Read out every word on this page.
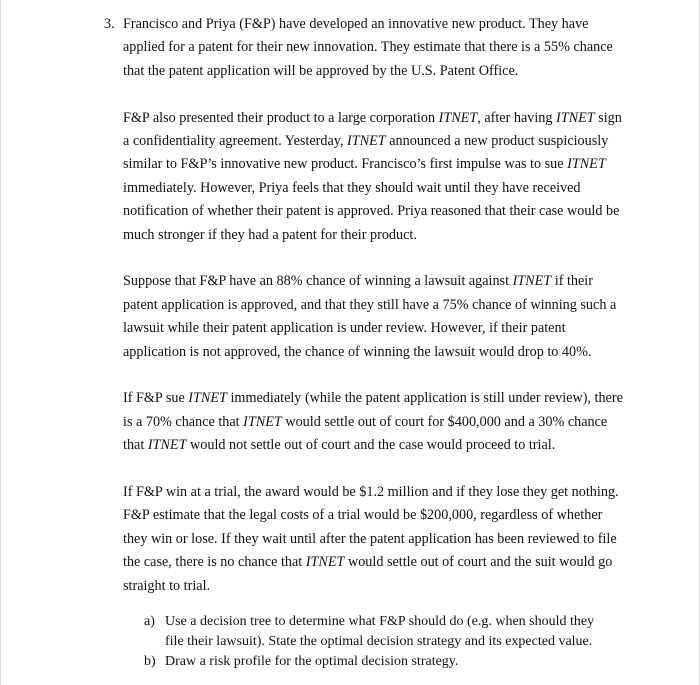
3. Francisco and Priya (F&P) have developed an innovative new product. They have applied for a patent for their new innovation. They estimate that there is a 55% chance that the patent application will be approved by the U.S. Patent Office.

F&P also presented their product to a large corporation ITNET, after having ITNET sign a confidentiality agreement. Yesterday, ITNET announced a new product suspiciously similar to F&P’s innovative new product. Francisco’s first impulse was to sue ITNET immediately. However, Priya feels that they should wait until they have received notification of whether their patent is approved. Priya reasoned that their case would be much stronger if they had a patent for their product.

Suppose that F&P have an 88% chance of winning a lawsuit against ITNET if their patent application is approved, and that they still have a 75% chance of winning such a lawsuit while their patent application is under review. However, if their patent application is not approved, the chance of winning the lawsuit would drop to 40%.

If F&P sue ITNET immediately (while the patent application is still under review), there is a 70% chance that ITNET would settle out of court for $400,000 and a 30% chance that ITNET would not settle out of court and the case would proceed to trial.

If F&P win at a trial, the award would be $1.2 million and if they lose they get nothing. F&P estimate that the legal costs of a trial would be $200,000, regardless of whether they win or lose. If they wait until after the patent application has been reviewed to file the case, there is no chance that ITNET would settle out of court and the suit would go straight to trial.

a) Use a decision tree to determine what F&P should do (e.g. when should they file their lawsuit). State the optimal decision strategy and its expected value.
b) Draw a risk profile for the optimal decision strategy.
